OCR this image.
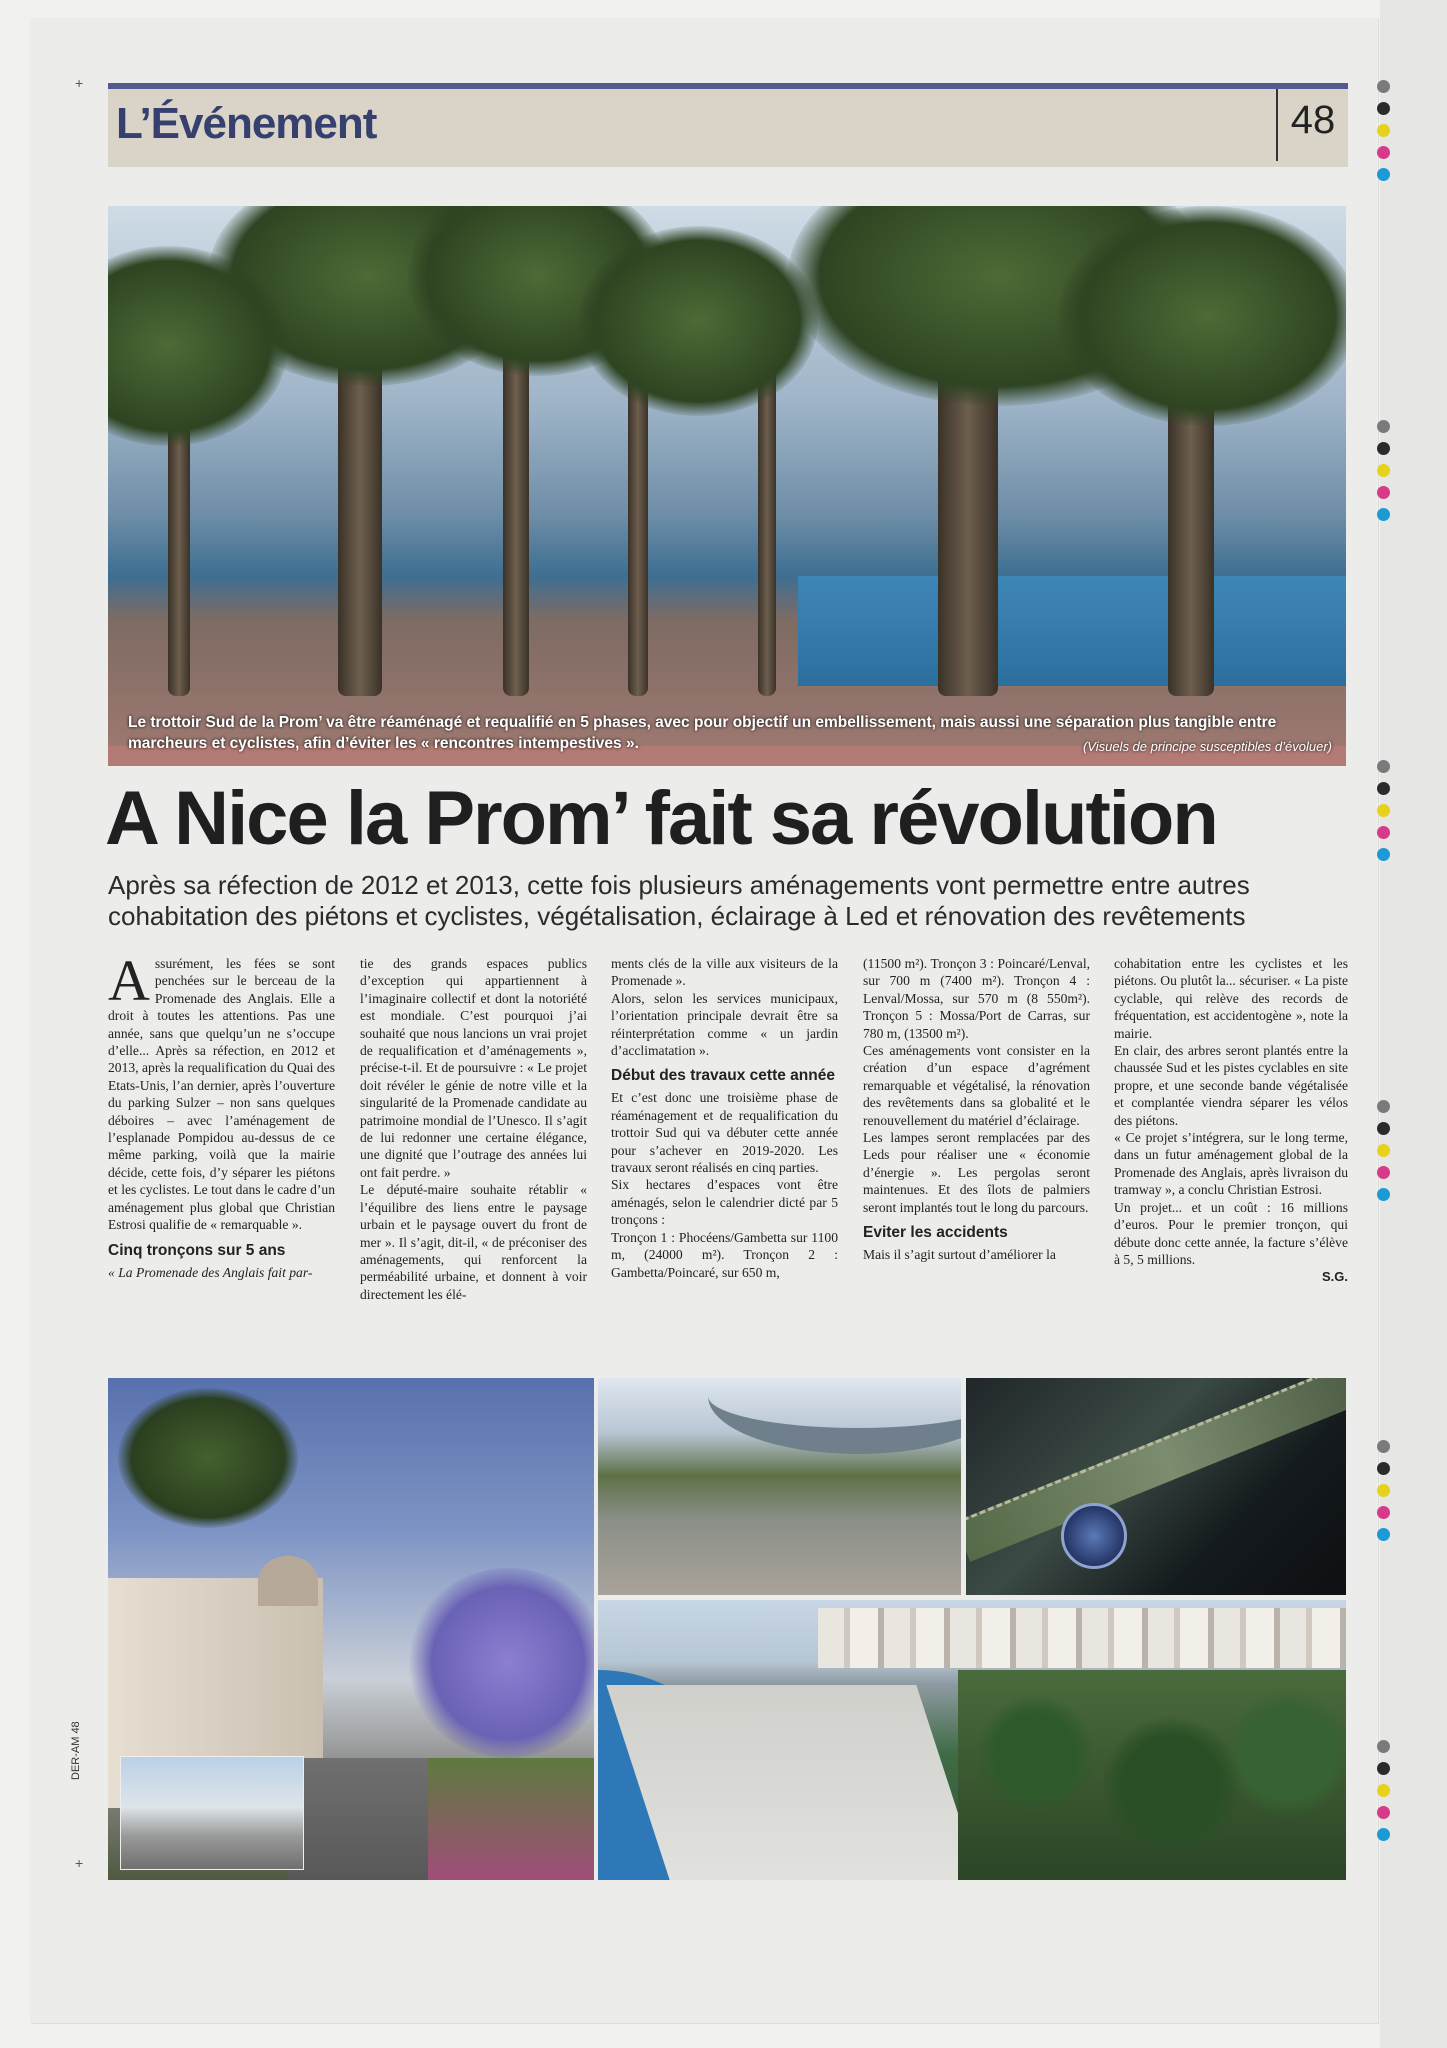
+
+
DER-AM 48
L’Événement	48
Le trottoir Sud de la Prom’ va être réaménagé et requalifié en 5 phases, avec pour objectif un embellissement, mais aussi une séparation plus tangible entre marcheurs et cyclistes, afin d’éviter les « rencontres intempestives ».	(Visuels de principe susceptibles d’évoluer)
A Nice la Prom’ fait sa révolution
Après sa réfection de 2012 et 2013, cette fois plusieurs aménagements vont permettre entre autres cohabitation des piétons et cyclistes, végétalisation, éclairage à Led et rénovation des revêtements

Assurément, les fées se sont penchées sur le berceau de la Promenade des Anglais. Elle a droit à toutes les attentions. Pas une année, sans que quelqu’un ne s’occupe d’elle... Après sa réfection, en 2012 et 2013, après la requalification du Quai des Etats-Unis, l’an dernier, après l’ouverture du parking Sulzer – non sans quelques déboires – avec l’aménagement de l’esplanade Pompidou au-dessus de ce même parking, voilà que la mairie décide, cette fois, d’y séparer les piétons et les cyclistes. Le tout dans le cadre d’un aménagement plus global que Christian Estrosi qualifie de « remarquable ».

Cinq tronçons sur 5 ans

« La Promenade des Anglais fait par-

tie des grands espaces publics d’exception qui appartiennent à l’imaginaire collectif et dont la notoriété est mondiale. C’est pourquoi j’ai souhaité que nous lancions un vrai projet de requalification et d’aménagements », précise-t-il. Et de poursuivre : « Le projet doit révéler le génie de notre ville et la singularité de la Promenade candidate au patrimoine mondial de l’Unesco. Il s’agit de lui redonner une certaine élégance, une dignité que l’outrage des années lui ont fait perdre. »

Le député-maire souhaite rétablir « l’équilibre des liens entre le paysage urbain et le paysage ouvert du front de mer ». Il s’agit, dit-il, « de préconiser des aménagements, qui renforcent la perméabilité urbaine, et donnent à voir directement les élé-

ments clés de la ville aux visiteurs de la Promenade ».

Alors, selon les services municipaux, l’orientation principale devrait être sa réinterprétation comme « un jardin d’acclimatation ».

Début des travaux cette année

Et c’est donc une troisième phase de réaménagement et de requalification du trottoir Sud qui va débuter cette année pour s’achever en 2019-2020. Les travaux seront réalisés en cinq parties.

Six hectares d’espaces vont être aménagés, selon le calendrier dicté par 5 tronçons :

Tronçon 1 : Phocéens/Gambetta sur 1100 m, (24000 m²). Tronçon 2 : Gambetta/Poincaré, sur 650 m,

(11500 m²). Tronçon 3 : Poincaré/Lenval, sur 700 m (7400 m²). Tronçon 4 : Lenval/Mossa, sur 570 m (8 550m²). Tronçon 5 : Mossa/Port de Carras, sur 780 m, (13500 m²).

Ces aménagements vont consister en la création d’un espace d’agrément remarquable et végétalisé, la rénovation des revêtements dans sa globalité et le renouvellement du matériel d’éclairage.

Les lampes seront remplacées par des Leds pour réaliser une « économie d’énergie ». Les pergolas seront maintenues. Et des îlots de palmiers seront implantés tout le long du parcours.

Eviter les accidents

Mais il s’agit surtout d’améliorer la

cohabitation entre les cyclistes et les piétons. Ou plutôt la... sécuriser. « La piste cyclable, qui relève des records de fréquentation, est accidentogène », note la mairie.

En clair, des arbres seront plantés entre la chaussée Sud et les pistes cyclables en site propre, et une seconde bande végétalisée et complantée viendra séparer les vélos des piétons.

« Ce projet s’intégrera, sur le long terme, dans un futur aménagement global de la Promenade des Anglais, après livraison du tramway », a conclu Christian Estrosi.

Un projet... et un coût : 16 millions d’euros. Pour le premier tronçon, qui débute donc cette année, la facture s’élève à 5, 5 millions.

S.G.
